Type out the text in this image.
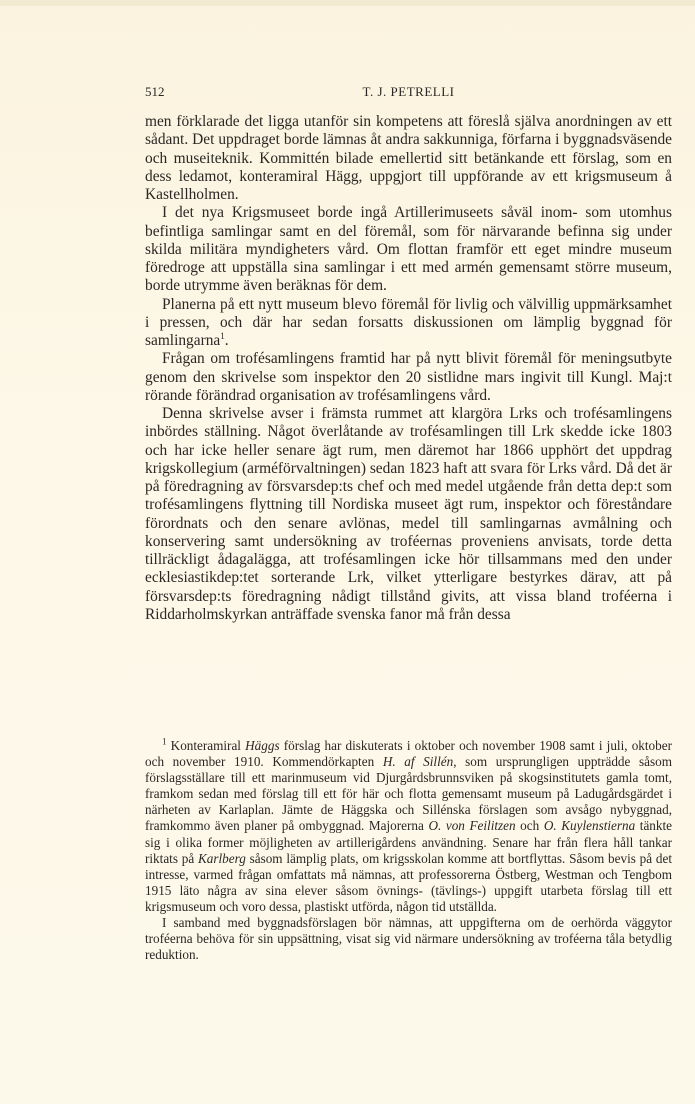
512	T. J. PETRELLI

men förklarade det ligga utanför sin kompetens att föreslå själva anordningen av ett sådant. Det uppdraget borde lämnas åt andra sakkunniga, förfarna i byggnadsväsende och museiteknik. Kommittén bilade emellertid sitt betänkande ett förslag, som en dess ledamot, konteramiral Hägg, uppgjort till uppförande av ett krigsmuseum å Kastellholmen.

I det nya Krigsmuseet borde ingå Artillerimuseets såväl inom- som utomhus befintliga samlingar samt en del föremål, som för närvarande befinna sig under skilda militära myndigheters vård. Om flottan framför ett eget mindre museum föredroge att uppställa sina samlingar i ett med armén gemensamt större museum, borde utrymme även beräknas för dem.

Planerna på ett nytt museum blevo föremål för livlig och välvillig uppmärksamhet i pressen, och där har sedan forsatts diskussionen om lämplig byggnad för samlingarna$^1$.

Frågan om trofésamlingens framtid har på nytt blivit föremål för meningsutbyte genom den skrivelse som inspektor den 20 sistlidne mars ingivit till Kungl. Maj:t rörande förändrad organisation av trofésamlingens vård.

Denna skrivelse avser i främsta rummet att klargöra Lrks och trofésamlingens inbördes ställning. Något överlåtande av trofésamlingen till Lrk skedde icke 1803 och har icke heller senare ägt rum, men däremot har 1866 upphört det uppdrag krigskollegium (arméförvaltningen) sedan 1823 haft att svara för Lrks vård. Då det är på föredragning av försvarsdep:ts chef och med medel utgående från detta dep:t som trofésamlingens flyttning till Nordiska museet ägt rum, inspektor och föreståndare förordnats och den senare avlönas, medel till samlingarnas avmålning och konservering samt undersökning av troféernas proveniens anvisats, torde detta tillräckligt ådagalägga, att trofésamlingen icke hör tillsammans med den under ecklesiastikdep:tet sorterande Lrk, vilket ytterligare bestyrkes därav, att på försvarsdep:ts föredragning nådigt tillstånd givits, att vissa bland troféerna i Riddarholmskyrkan anträffade svenska fanor må från dessa

$^1$ Konteramiral Häggs förslag har diskuterats i oktober och november 1908 samt i juli, oktober och november 1910. Kommendörkapten H. af Sillén, som ursprungligen uppträdde såsom förslagsställare till ett marinmuseum vid Djurgårdsbrunnsviken på skogsinstitutets gamla tomt, framkom sedan med förslag till ett för här och flotta gemensamt museum på Ladugårdsgärdet i närheten av Karlaplan. Jämte de Häggska och Sillénska förslagen som avsågo nybyggnad, framkommo även planer på ombyggnad. Majorerna O. von Feilitzen och O. Kuylenstierna tänkte sig i olika former möjligheten av artillerigårdens användning. Senare har från flera håll tankar riktats på Karlberg såsom lämplig plats, om krigsskolan komme att bortflyttas. Såsom bevis på det intresse, varmed frågan omfattats må nämnas, att professorerna Östberg, Westman och Tengbom 1915 läto några av sina elever såsom övnings- (tävlings-) uppgift utarbeta förslag till ett krigsmuseum och voro dessa, plastiskt utförda, någon tid utställda.

I samband med byggnadsförslagen bör nämnas, att uppgifterna om de oerhörda väggytor troféerna behöva för sin uppsättning, visat sig vid närmare undersökning av troféerna tåla betydlig reduktion.
